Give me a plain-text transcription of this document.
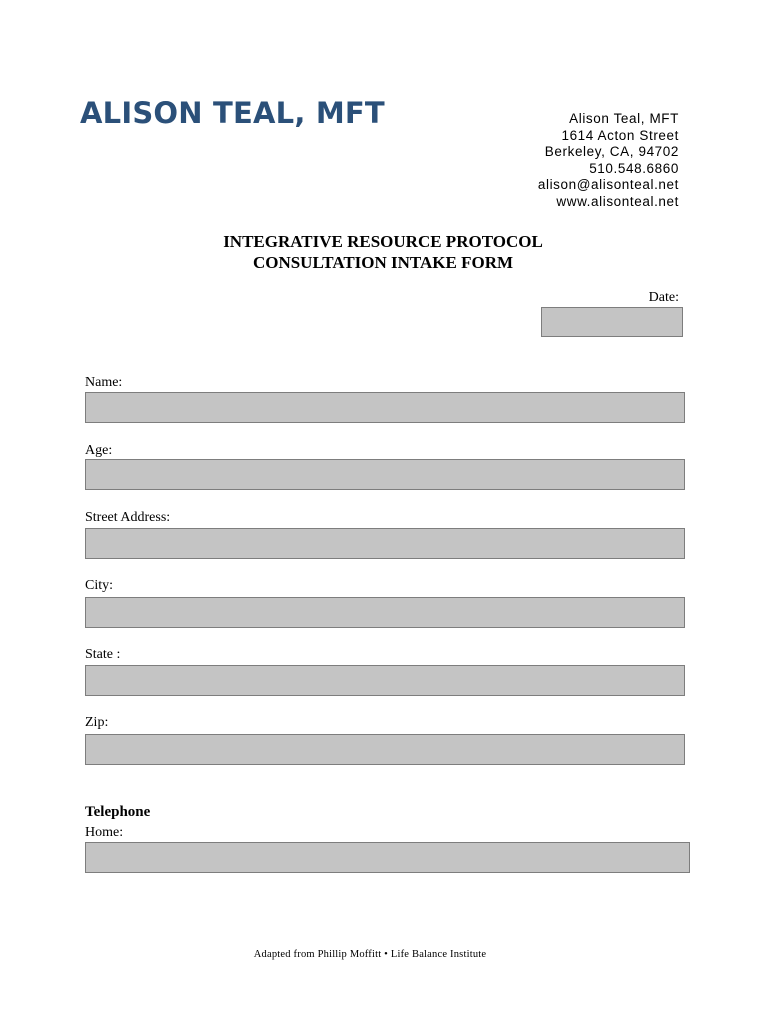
ALISON TEAL, MFT	Alison Teal, MFT
1614 Acton Street
Berkeley, CA, 94702
510.548.6860
alison@alisonteal.net
www.alisonteal.net
INTEGRATIVE RESOURCE PROTOCOL
CONSULTATION INTAKE FORM
Date:
Name:
Age:
Street Address:
City:
State :
Zip:
Telephone
Home:
Adapted from Phillip Moffitt • Life Balance Institute
